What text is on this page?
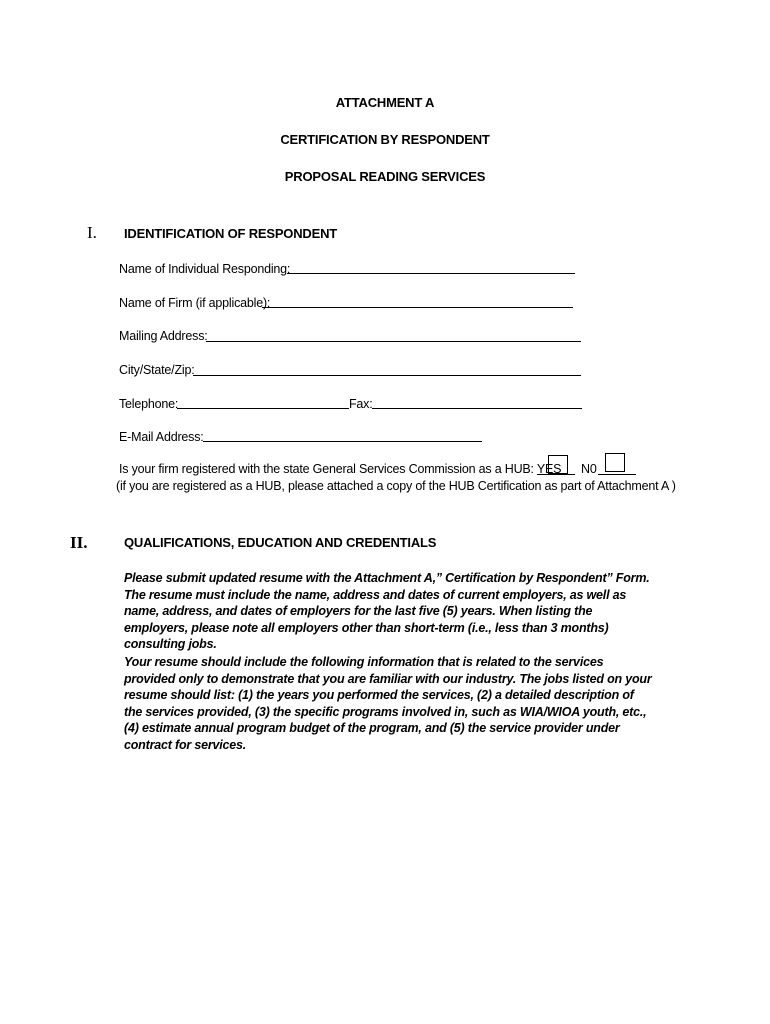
ATTACHMENT A
CERTIFICATION BY RESPONDENT
PROPOSAL READING SERVICES
I. IDENTIFICATION OF RESPONDENT
Name of Individual Responding:
Name of Firm (if applicable):
Mailing Address:
City/State/Zip:
Telephone:	Fax:
E-Mail Address:
Is your firm registered with the state General Services Commission as a HUB: YES N0
(if you are registered as a HUB, please attached a copy of the HUB Certification as part of Attachment A )
II.	QUALIFICATIONS, EDUCATION AND CREDENTIALS
Please submit updated resume with the Attachment A,” Certification by Respondent” Form. The resume must include the name, address and dates of current employers, as well as name, address, and dates of employers for the last five (5) years. When listing the employers, please note all employers other than short-term (i.e., less than 3 months) consulting jobs.
Your resume should include the following information that is related to the services provided only to demonstrate that you are familiar with our industry. The jobs listed on your resume should list: (1) the years you performed the services, (2) a detailed description of the services provided, (3) the specific programs involved in, such as WIA/WIOA youth, etc., (4) estimate annual program budget of the program, and (5) the service provider under contract for services.
